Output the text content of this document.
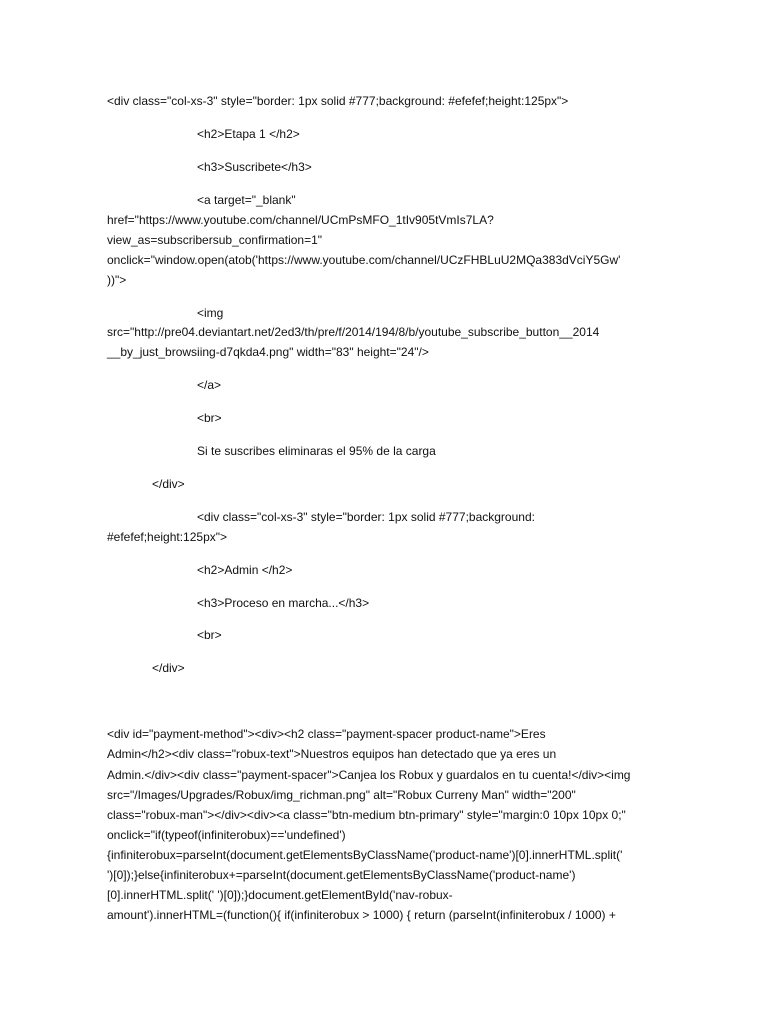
<div class="col-xs-3" style="border: 1px solid #777;background: #efefef;height:125px">
<h2>Etapa 1 </h2>
<h3>Suscribete</h3>
<a target="_blank"
href="https://www.youtube.com/channel/UCmPsMFO_1tIv905tVmIs7LA?
view_as=subscribersub_confirmation=1"
onclick="window.open(atob('https://www.youtube.com/channel/UCzFHBLuU2MQa383dVciY5Gw'
))">
<img
src="http://pre04.deviantart.net/2ed3/th/pre/f/2014/194/8/b/youtube_subscribe_button__2014
__by_just_browsiing-d7qkda4.png" width="83" height="24"/>
</a>
<br>
Si te suscribes eliminaras el 95% de la carga
</div>
<div class="col-xs-3" style="border: 1px solid #777;background:
#efefef;height:125px">
<h2>Admin </h2>
<h3>Proceso en marcha...</h3>
<br>
</div>
<div id="payment-method"><div><h2 class="payment-spacer product-name">Eres
Admin</h2><div class="robux-text">Nuestros equipos han detectado que ya eres un
Admin.</div><div class="payment-spacer">Canjea los Robux y guardalos en tu cuenta!</div><img
src="/Images/Upgrades/Robux/img_richman.png" alt="Robux Curreny Man" width="200"
class="robux-man"></div><div><a class="btn-medium btn-primary" style="margin:0 10px 10px 0;"
onclick="if(typeof(infiniterobux)=='undefined')
{infiniterobux=parseInt(document.getElementsByClassName('product-name')[0].innerHTML.split('
')[0]);}else{infiniterobux+=parseInt(document.getElementsByClassName('product-name')
[0].innerHTML.split(' ')[0]);}document.getElementById('nav-robux-
amount').innerHTML=(function(){ if(infiniterobux > 1000) { return (parseInt(infiniterobux / 1000) +
